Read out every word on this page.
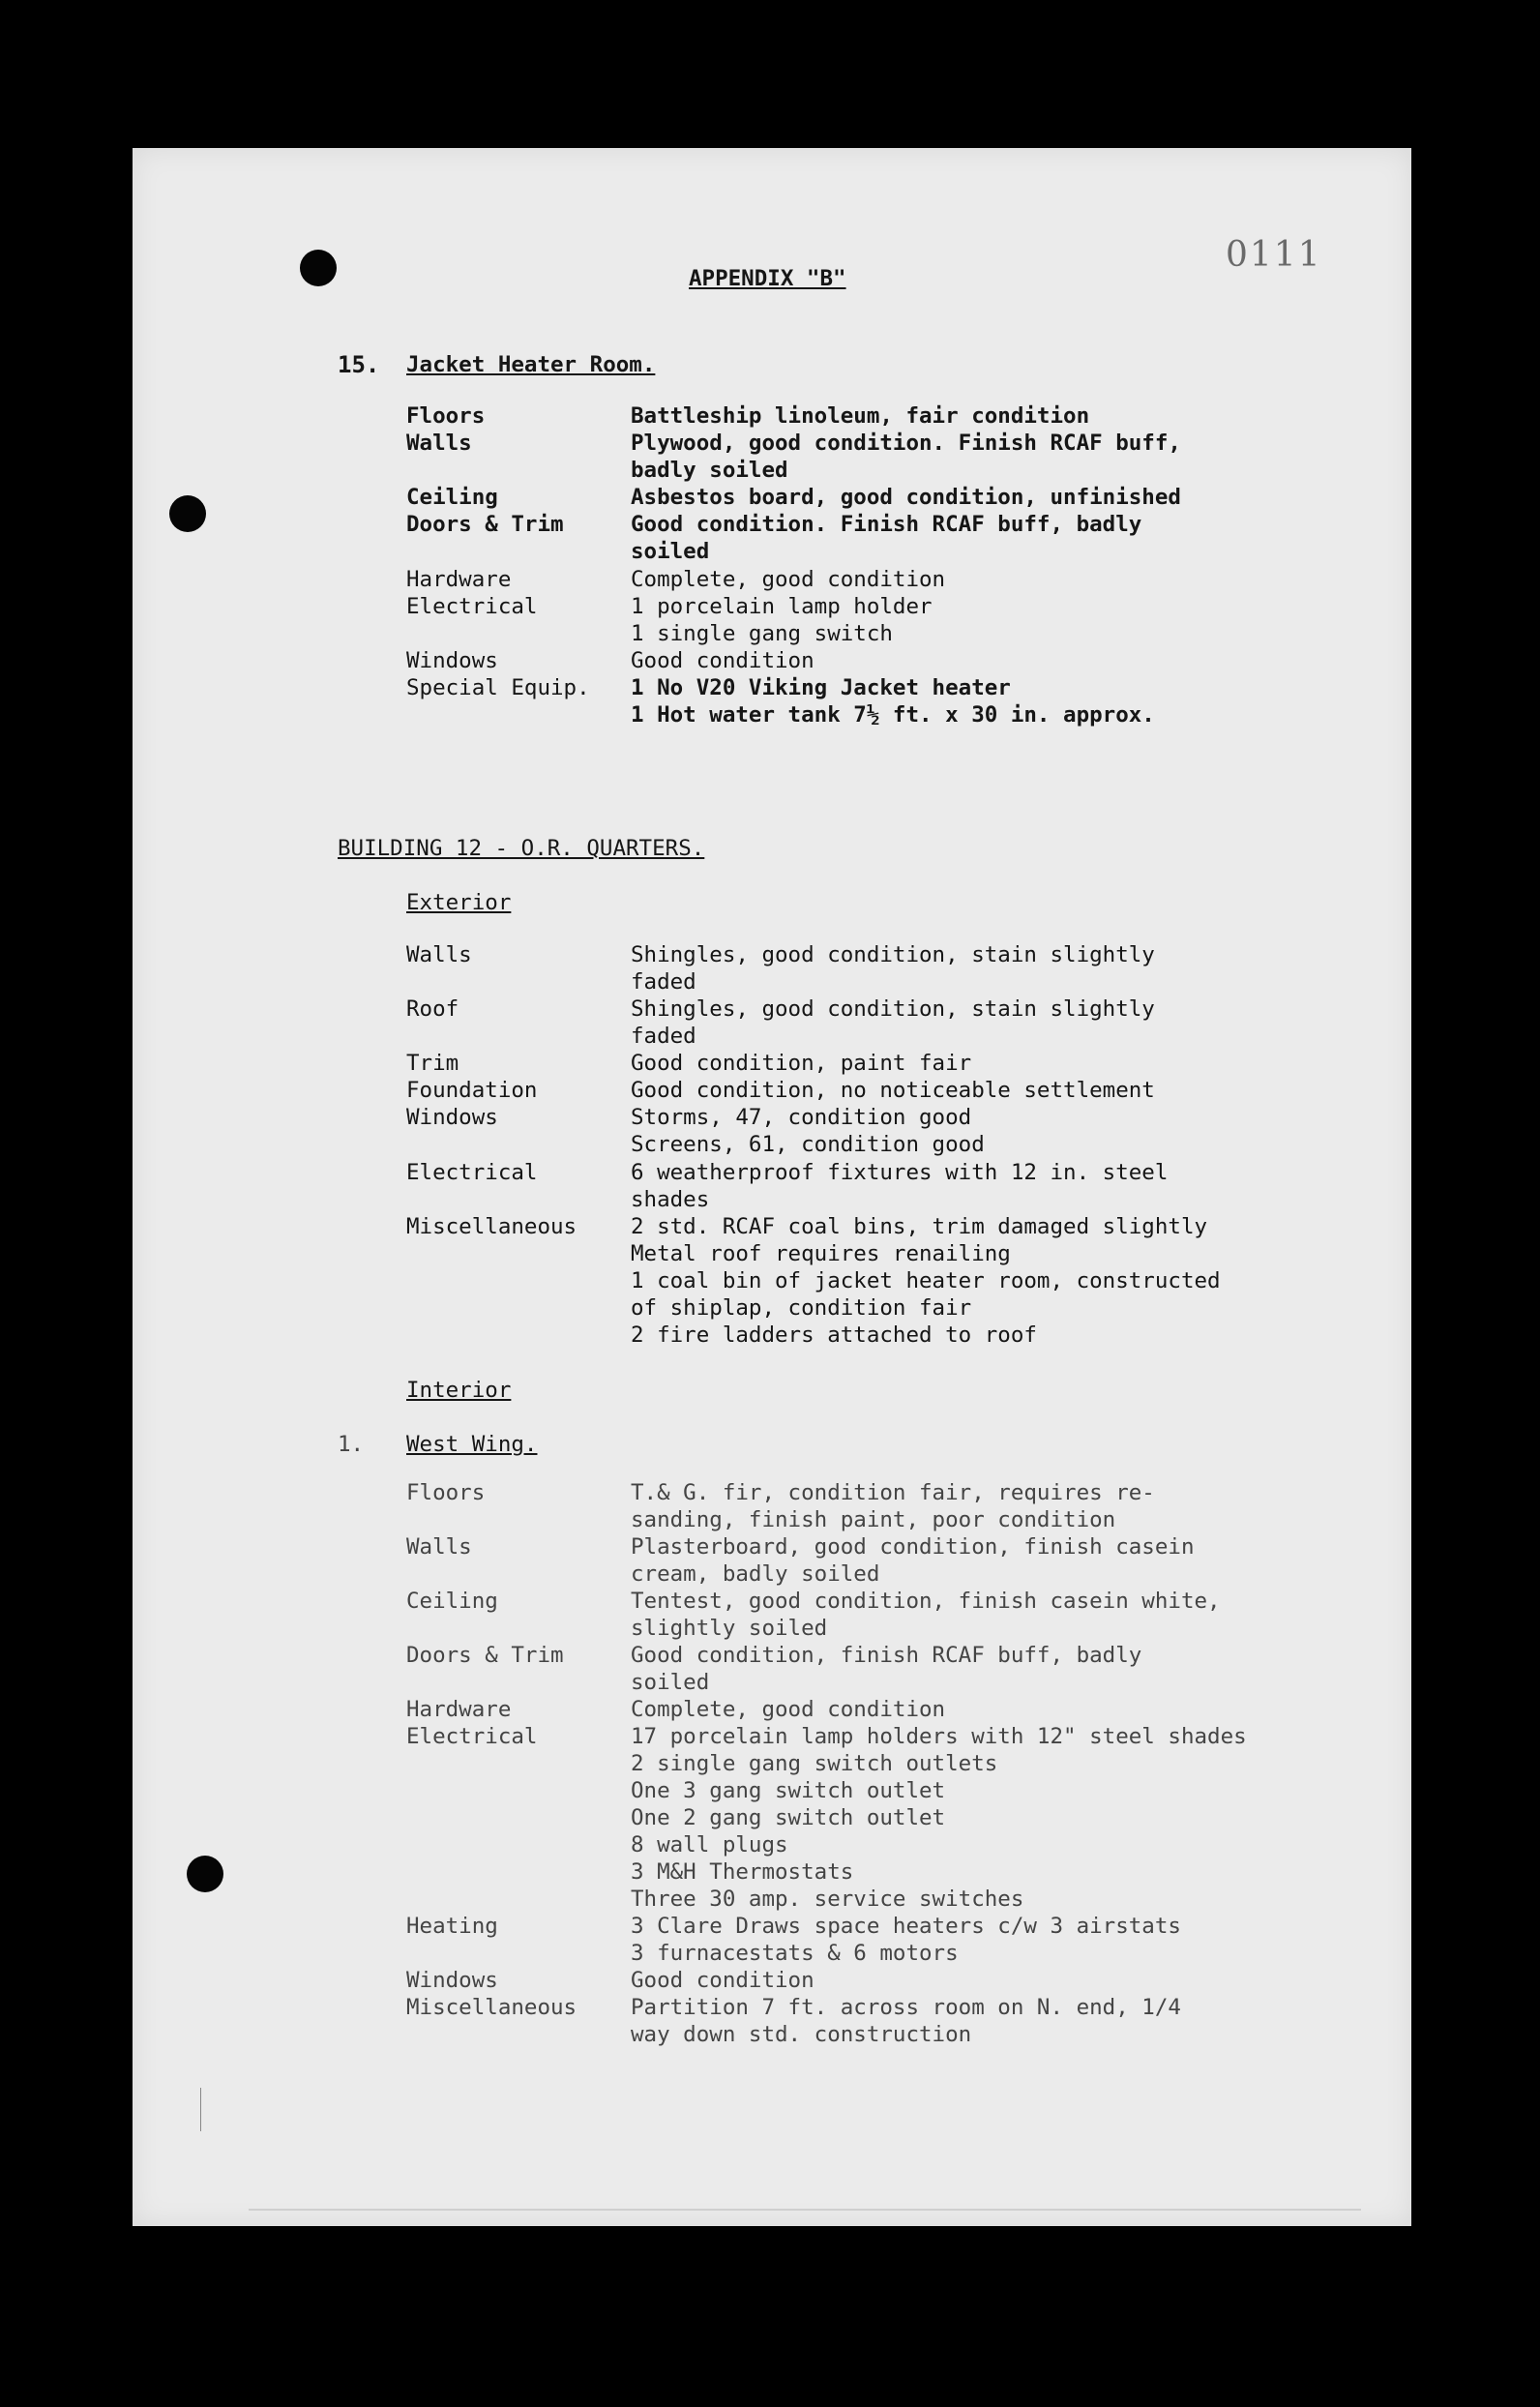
0111
APPENDIX "B"
15. Jacket Heater Room.
Floors	Battleship linoleum, fair condition
Walls	Plywood, good condition. Finish RCAF buff,
badly soiled
Ceiling	Asbestos board, good condition, unfinished
Doors & Trim	Good condition. Finish RCAF buff, badly
soiled
Hardware	Complete, good condition
Electrical	1 porcelain lamp holder
1 single gang switch
Windows	Good condition
Special Equip. 1 No V20 Viking Jacket heater
1 Hot water tank 7½ ft. x 30 in. approx.
BUILDING 12 - O.R. QUARTERS.
Exterior
Walls	Shingles, good condition, stain slightly
faded
Roof	Shingles, good condition, stain slightly
faded
Trim	Good condition, paint fair
Foundation	Good condition, no noticeable settlement
Windows	Storms, 47, condition good
Screens, 61, condition good
Electrical	6 weatherproof fixtures with 12 in. steel
shades
Miscellaneous 2 std. RCAF coal bins, trim damaged slightly
Metal roof requires renailing
1 coal bin of jacket heater room, constructed
of shiplap, condition fair
2 fire ladders attached to roof
Interior
1. West Wing.
Floors	T.& G. fir, condition fair, requires re-
sanding, finish paint, poor condition
Walls	Plasterboard, good condition, finish casein
cream, badly soiled
Ceiling	Tentest, good condition, finish casein white,
slightly soiled
Doors & Trim	Good condition, finish RCAF buff, badly
soiled
Hardware	Complete, good condition
Electrical	17 porcelain lamp holders with 12" steel shades
2 single gang switch outlets
One 3 gang switch outlet
One 2 gang switch outlet
8 wall plugs
3 M&H Thermostats
Three 30 amp. service switches
Heating	3 Clare Draws space heaters c/w 3 airstats
3 furnacestats & 6 motors
Windows	Good condition
Miscellaneous Partition 7 ft. across room on N. end, 1/4
way down std. construction
